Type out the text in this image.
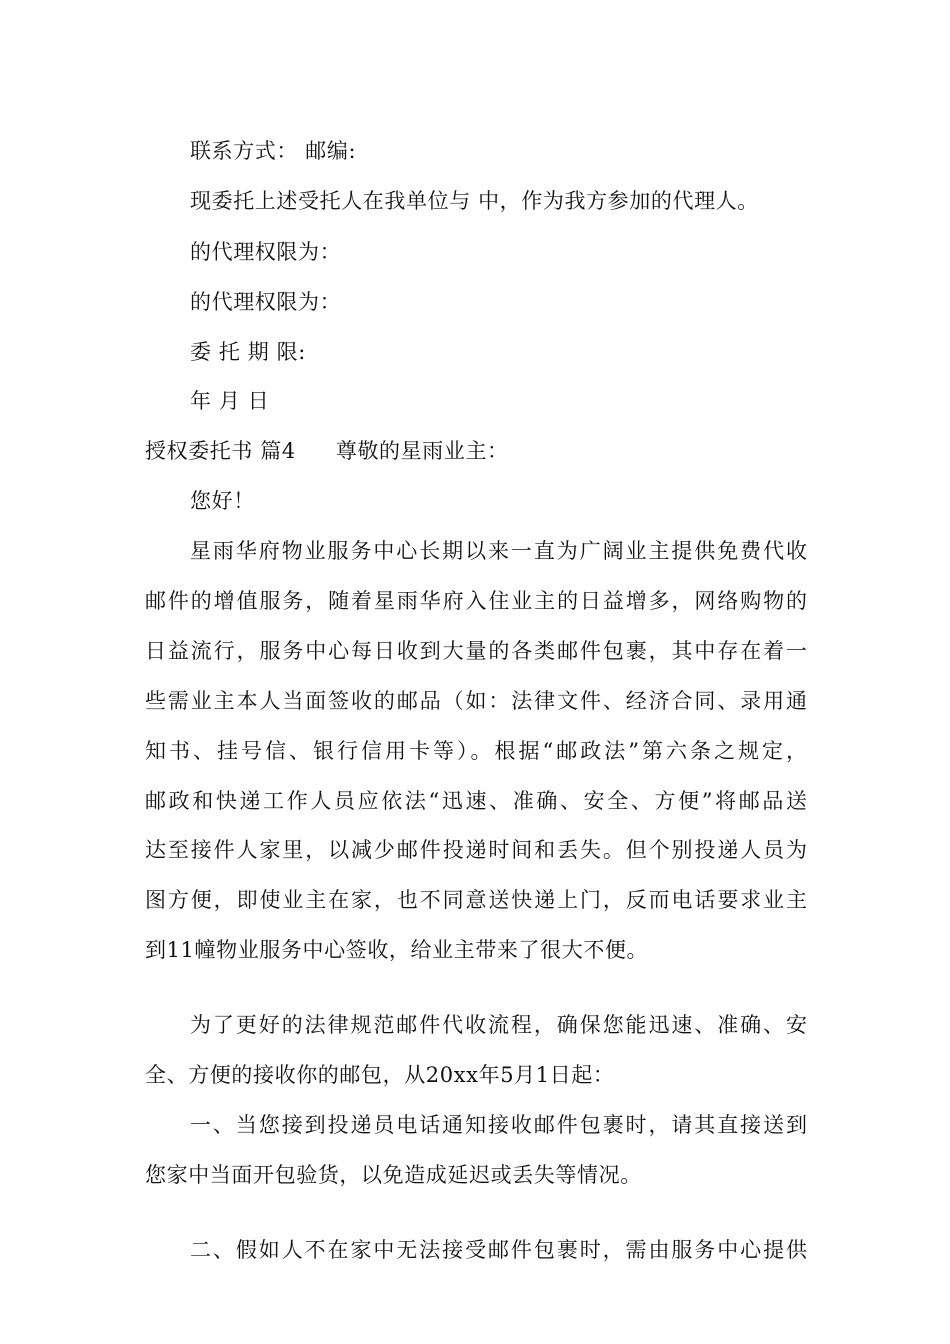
联系方式： 邮编:
现委托上述受托人在我单位与 中，作为我方参加的代理人。
的代理权限为：
的代理权限为：
委 托 期 限:
年 月 日
授权委托书 篇4 尊敬的星雨业主：
您好！
星雨华府物业服务中心长期以来一直为广阔业主提供免费代收
邮件的增值服务，随着星雨华府入住业主的日益增多，网络购物的
日益流行，服务中心每日收到大量的各类邮件包裹，其中存在着一
些需业主本人当面签收的邮品（如：法律文件、经济合同、录用通
知书、挂号信、银行信用卡等）。根据“邮政法”第六条之规定，
邮政和快递工作人员应依法“迅速、准确、安全、方便”将邮品送
达至接件人家里，以减少邮件投递时间和丢失。但个别投递人员为
图方便，即使业主在家，也不同意送快递上门，反而电话要求业主
到11幢物业服务中心签收，给业主带来了很大不便。
为了更好的法律规范邮件代收流程，确保您能迅速、准确、安
全、方便的接收你的邮包，从20xx年5月1日起：
一、当您接到投递员电话通知接收邮件包裹时，请其直接送到
您家中当面开包验货，以免造成延迟或丢失等情况。
二、假如人不在家中无法接受邮件包裹时，需由服务中心提供
